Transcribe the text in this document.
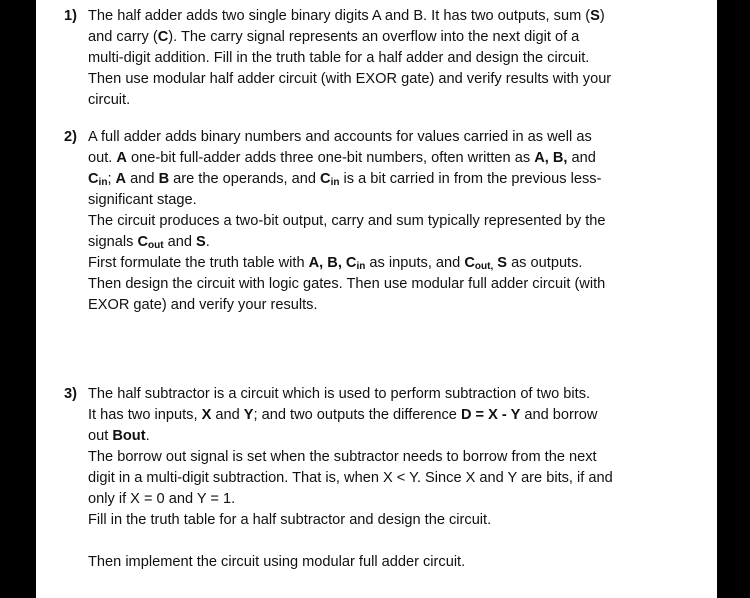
1) The half adder adds two single binary digits A and B. It has two outputs, sum (S)
and carry (C). The carry signal represents an overflow into the next digit of a
multi-digit addition. Fill in the truth table for a half adder and design the circuit.
Then use modular half adder circuit (with EXOR gate) and verify results with your
circuit.
2) A full adder adds binary numbers and accounts for values carried in as well as
out. A one-bit full-adder adds three one-bit numbers, often written as A, B, and
$C_{in}$; A and B are the operands, and $C_{in}$ is a bit carried in from the previous less-
significant stage.
The circuit produces a two-bit output, carry and sum typically represented by the
signals $C_{out}$ and S.
First formulate the truth table with A, B, $C_{in}$ as inputs, and $C_{out,}$ S as outputs.
Then design the circuit with logic gates. Then use modular full adder circuit (with
EXOR gate) and verify your results.
3) The half subtractor is a circuit which is used to perform subtraction of two bits.
It has two inputs, X and Y; and two outputs the difference D = X - Y and borrow
out Bout.
The borrow out signal is set when the subtractor needs to borrow from the next
digit in a multi-digit subtraction. That is, when X < Y. Since X and Y are bits, if and
only if X = 0 and Y = 1.
Fill in the truth table for a half subtractor and design the circuit.

Then implement the circuit using modular full adder circuit.
